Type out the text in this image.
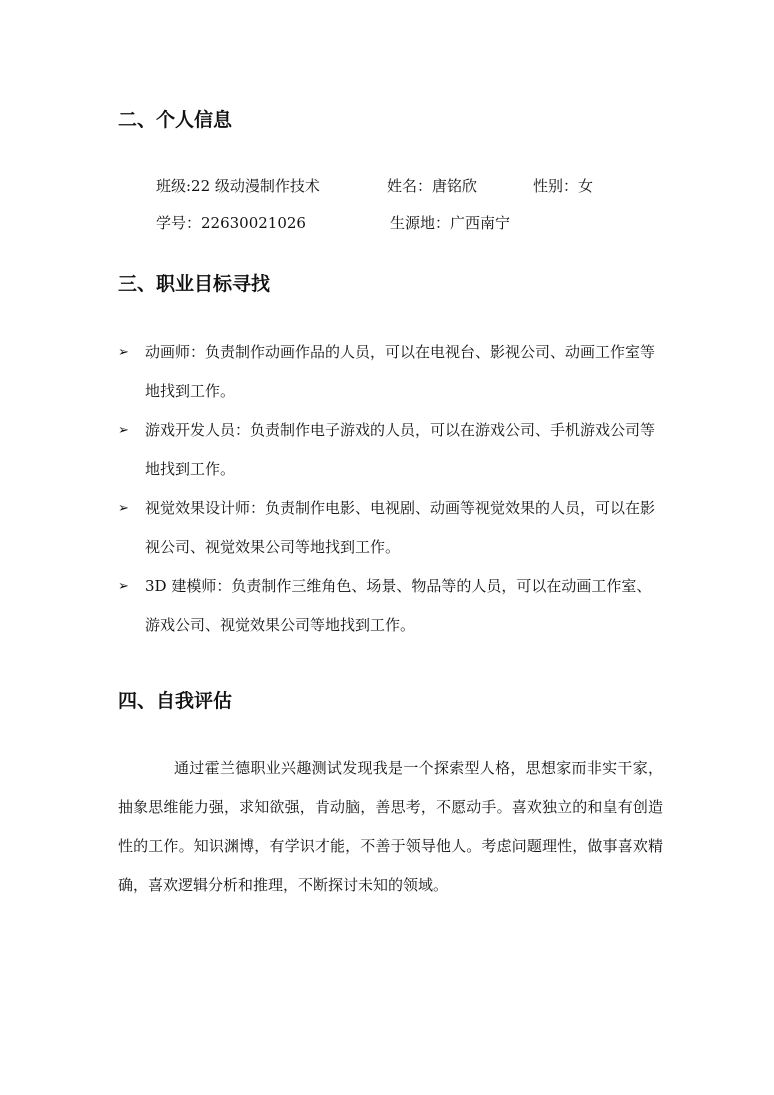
二、个人信息
班级:22 级动漫制作技术	姓名：唐铭欣	性别：女
学号：22630021026	生源地：广西南宁
三、职业目标寻找
➢ 动画师：负责制作动画作品的人员，可以在电视台、影视公司、动画工作室等地找到工作。
➢ 游戏开发人员：负责制作电子游戏的人员，可以在游戏公司、手机游戏公司等地找到工作。
➢ 视觉效果设计师：负责制作电影、电视剧、动画等视觉效果的人员，可以在影视公司、视觉效果公司等地找到工作。
➢ 3D 建模师：负责制作三维角色、场景、物品等的人员，可以在动画工作室、游戏公司、视觉效果公司等地找到工作。
四、自我评估

通过霍兰德职业兴趣测试发现我是一个探索型人格，思想家而非实干家，抽象思维能力强，求知欲强，肯动脑，善思考，不愿动手。喜欢独立的和皇有创造性的工作。知识渊博，有学识才能，不善于领导他人。考虑问题理性，做事喜欢精确，喜欢逻辑分析和推理，不断探讨未知的领域。
